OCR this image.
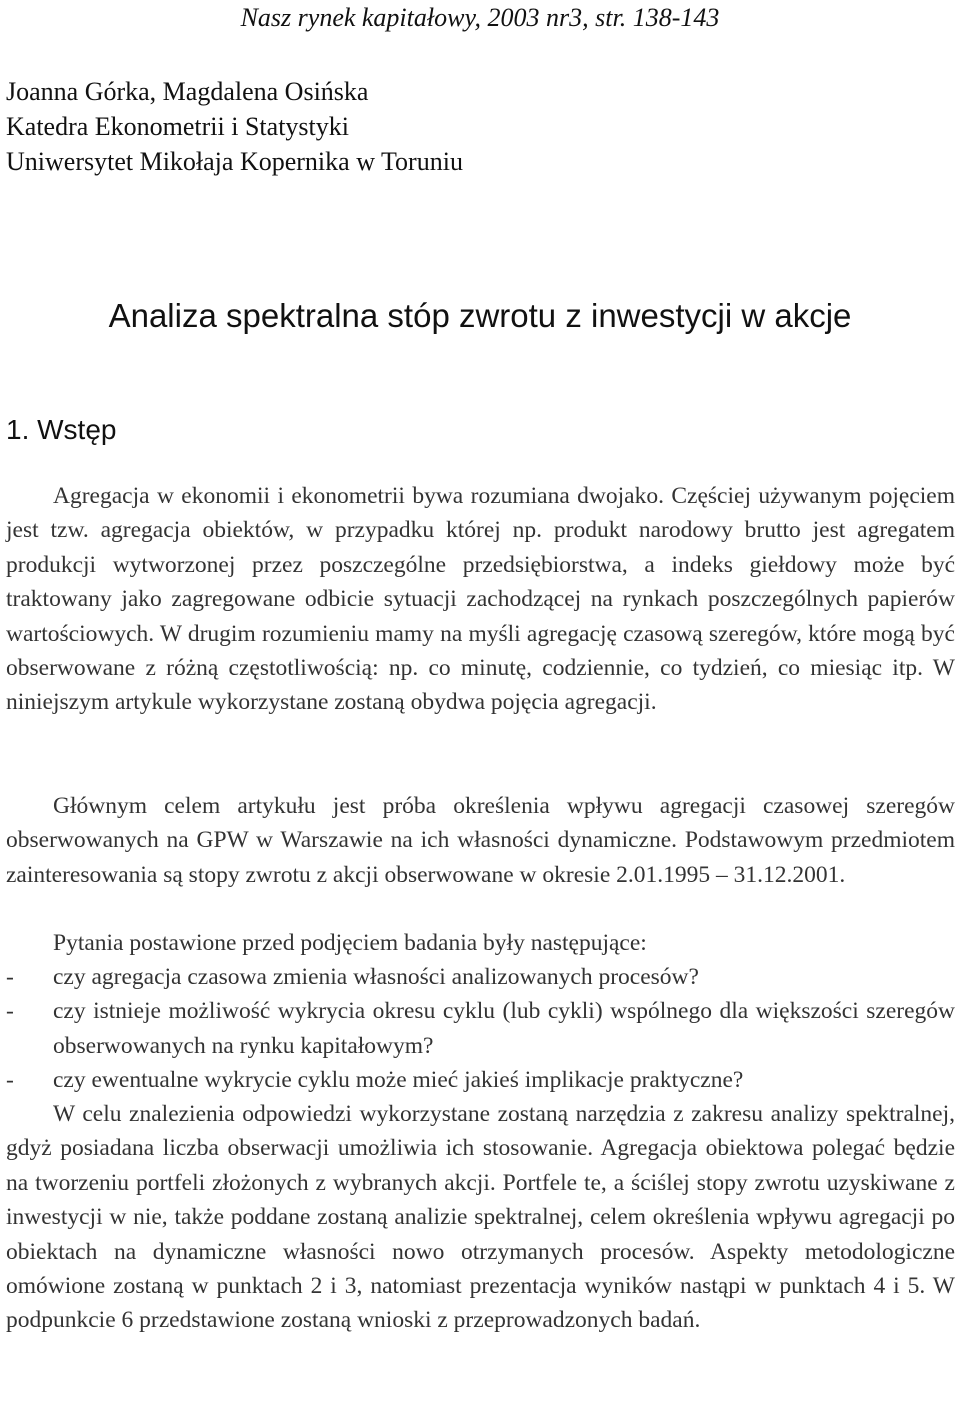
Nasz rynek kapitałowy, 2003 nr3, str. 138-143
Joanna Górka, Magdalena Osińska
Katedra Ekonometrii i Statystyki
Uniwersytet Mikołaja Kopernika w Toruniu
Analiza spektralna stóp zwrotu z inwestycji w akcje
1. Wstęp

Agregacja w ekonomii i ekonometrii bywa rozumiana dwojako. Częściej używanym pojęciem jest tzw. agregacja obiektów, w przypadku której np. produkt narodowy brutto jest agregatem produkcji wytworzonej przez poszczególne przedsiębiorstwa, a indeks giełdowy może być traktowany jako zagregowane odbicie sytuacji zachodzącej na rynkach poszczególnych papierów wartościowych. W drugim rozumieniu mamy na myśli agregację czasową szeregów, które mogą być obserwowane z różną częstotliwością: np. co minutę, codziennie, co tydzień, co miesiąc itp. W niniejszym artykule wykorzystane zostaną obydwa pojęcia agregacji.

Głównym celem artykułu jest próba określenia wpływu agregacji czasowej szeregów obserwowanych na GPW w Warszawie na ich własności dynamiczne. Podstawowym przedmiotem zainteresowania są stopy zwrotu z akcji obserwowane w okresie 2.01.1995 – 31.12.2001.

Pytania postawione przed podjęciem badania były następujące:

- czy agregacja czasowa zmienia własności analizowanych procesów?
- czy istnieje możliwość wykrycia okresu cyklu (lub cykli) wspólnego dla większości szeregów obserwowanych na rynku kapitałowym?
- czy ewentualne wykrycie cyklu może mieć jakieś implikacje praktyczne?

W celu znalezienia odpowiedzi wykorzystane zostaną narzędzia z zakresu analizy spektralnej, gdyż posiadana liczba obserwacji umożliwia ich stosowanie. Agregacja obiektowa polegać będzie na tworzeniu portfeli złożonych z wybranych akcji. Portfele te, a ściślej stopy zwrotu uzyskiwane z inwestycji w nie, także poddane zostaną analizie spektralnej, celem określenia wpływu agregacji po obiektach na dynamiczne własności nowo otrzymanych procesów. Aspekty metodologiczne omówione zostaną w punktach 2 i 3, natomiast prezentacja wyników nastąpi w punktach 4 i 5. W podpunkcie 6 przedstawione zostaną wnioski z przeprowadzonych badań.
